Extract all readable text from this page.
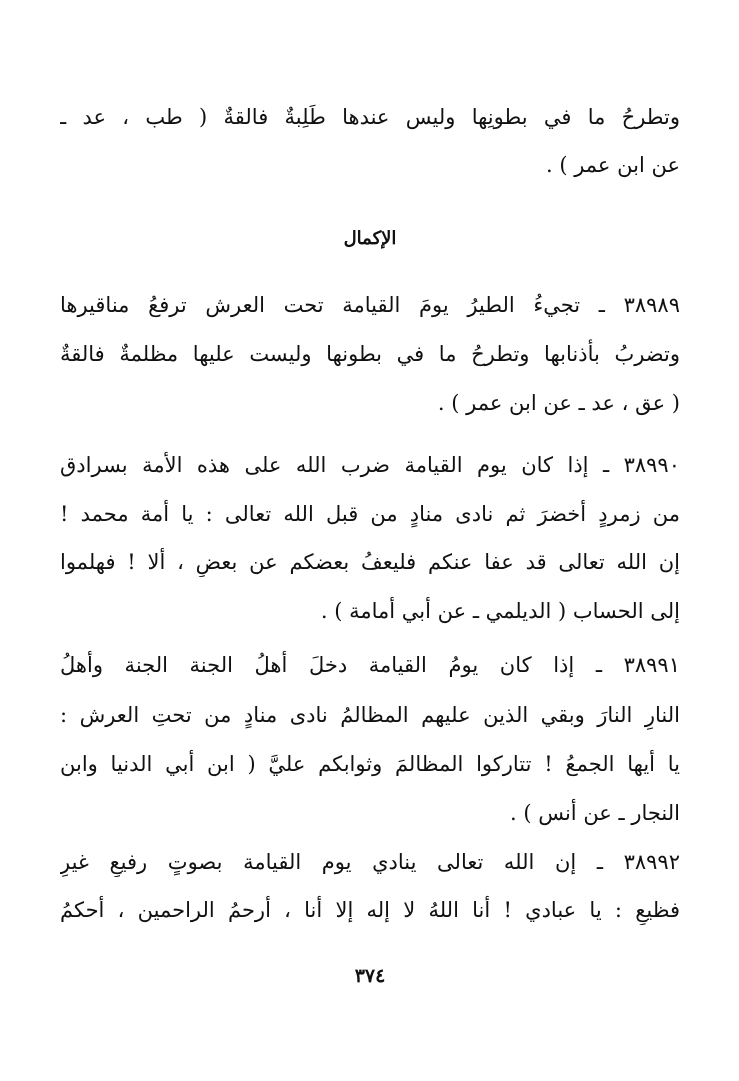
وتطرحُ ما في بطونِها وليس عندها طَلِبةٌ فالقةٌ ( طب ، عد ـ
عن ابن عمر ) .
الإكمال
٣٨٩٨٩ ـ تجيءُ الطيرُ يومَ القيامة تحت العرش ترفعُ مناقيرها
وتضربُ بأذنابها وتطرحُ ما في بطونها وليست عليها مظلمةٌ فالقةٌ
( عق ، عد ـ عن ابن عمر ) .
٣٨٩٩٠ ـ إذا كان يوم القيامة ضرب الله على هذه الأمة بسرادق
من زمردٍ أخضرَ ثم نادى منادٍ من قبل الله تعالى : يا أمة محمد !
إن الله تعالى قد عفا عنكم فليعفُ بعضكم عن بعضٍ ، ألا ! فهلموا
إلى الحساب ( الديلمي ـ عن أبي أمامة ) .
٣٨٩٩١ ـ إذا كان يومُ القيامة دخلَ أهلُ الجنة الجنة وأهلُ
النارِ النارَ وبقي الذين عليهم المظالمُ نادى منادٍ من تحتِ العرش :
يا أيها الجمعُ ! تتاركوا المظالمَ وثوابكم عليَّ ( ابن أبي الدنيا وابن
النجار ـ عن أنس ) .
٣٨٩٩٢ ـ إن الله تعالى ينادي يوم القيامة بصوتٍ رفيعٍ غيرِ
فظيعٍ : يا عبادي ! أنا اللهُ لا إله إلا أنا ، أرحمُ الراحمين ، أحكمُ
٣٧٤
